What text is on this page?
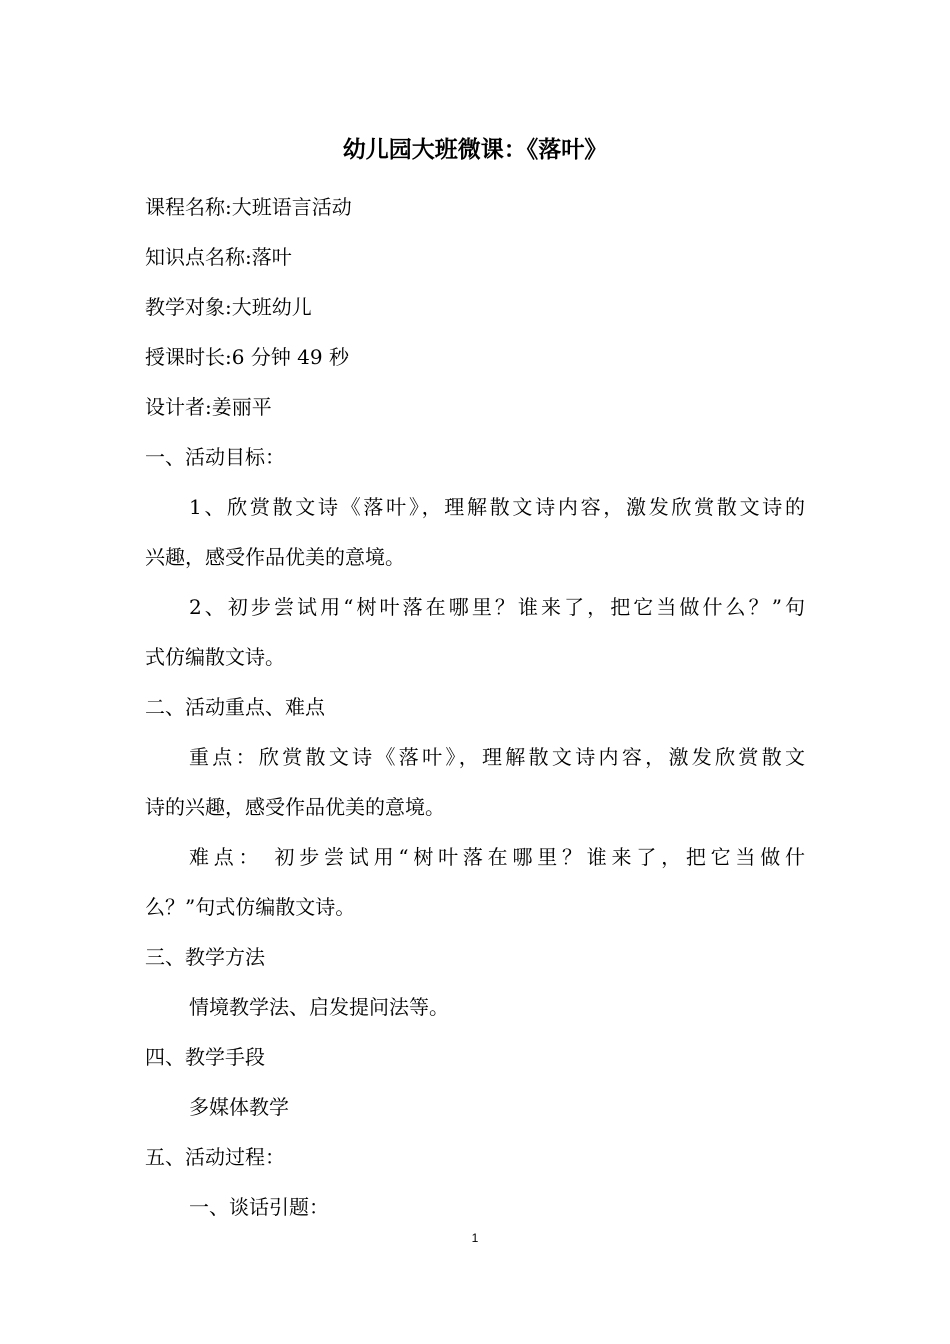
幼儿园大班微课：《落叶》
课程名称:大班语言活动
知识点名称:落叶
教学对象:大班幼儿
授课时长:6 分钟 49 秒
设计者:姜丽平
一、活动目标：
1、欣赏散文诗《落叶》，理解散文诗内容，激发欣赏散文诗的
兴趣，感受作品优美的意境。
2、初步尝试用“树叶落在哪里？谁来了，把它当做什么？”句
式仿编散文诗。
二、活动重点、难点
重点：欣赏散文诗《落叶》，理解散文诗内容，激发欣赏散文
诗的兴趣，感受作品优美的意境。
难点： 初步尝试用“树叶落在哪里？谁来了，把它当做什
么？”句式仿编散文诗。
三、教学方法
情境教学法、启发提问法等。
四、教学手段
多媒体教学
五、活动过程：
一、谈话引题：
1
